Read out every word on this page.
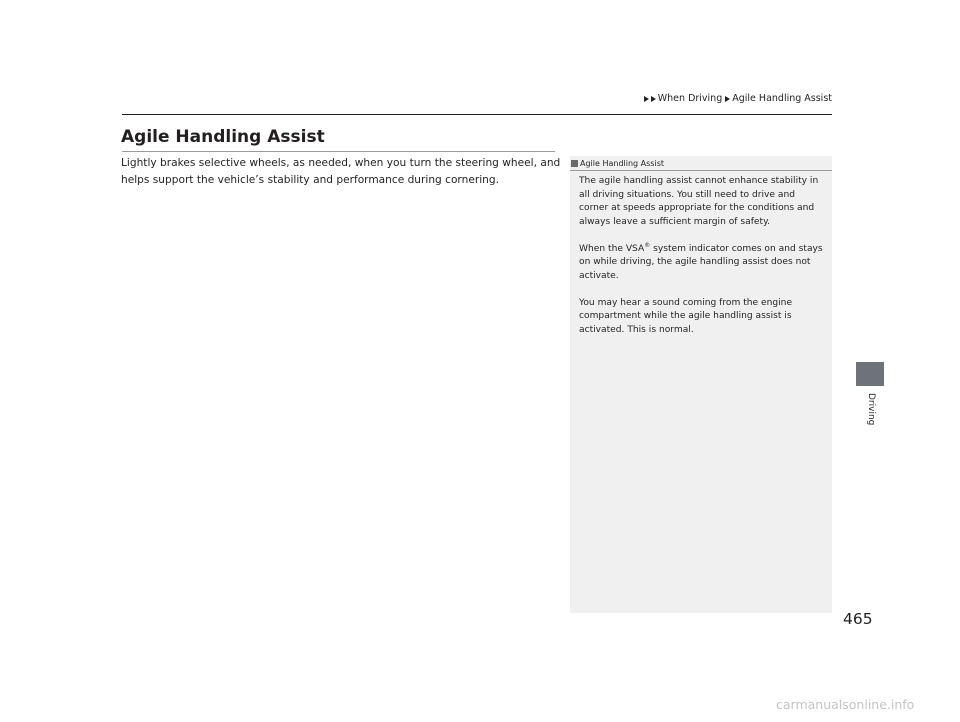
When Driving Agile Handling Assist
Agile Handling Assist

Lightly brakes selective wheels, as needed, when you turn the steering wheel, and helps support the vehicle’s stability and performance during cornering.

Agile Handling Assist

The agile handling assist cannot enhance stability in all driving situations. You still need to drive and corner at speeds appropriate for the conditions and always leave a sufficient margin of safety.

When the VSA® system indicator comes on and stays on while driving, the agile handling assist does not activate.

You may hear a sound coming from the engine compartment while the agile handling assist is activated. This is normal.

Driving
465
carmanualsonline.info
